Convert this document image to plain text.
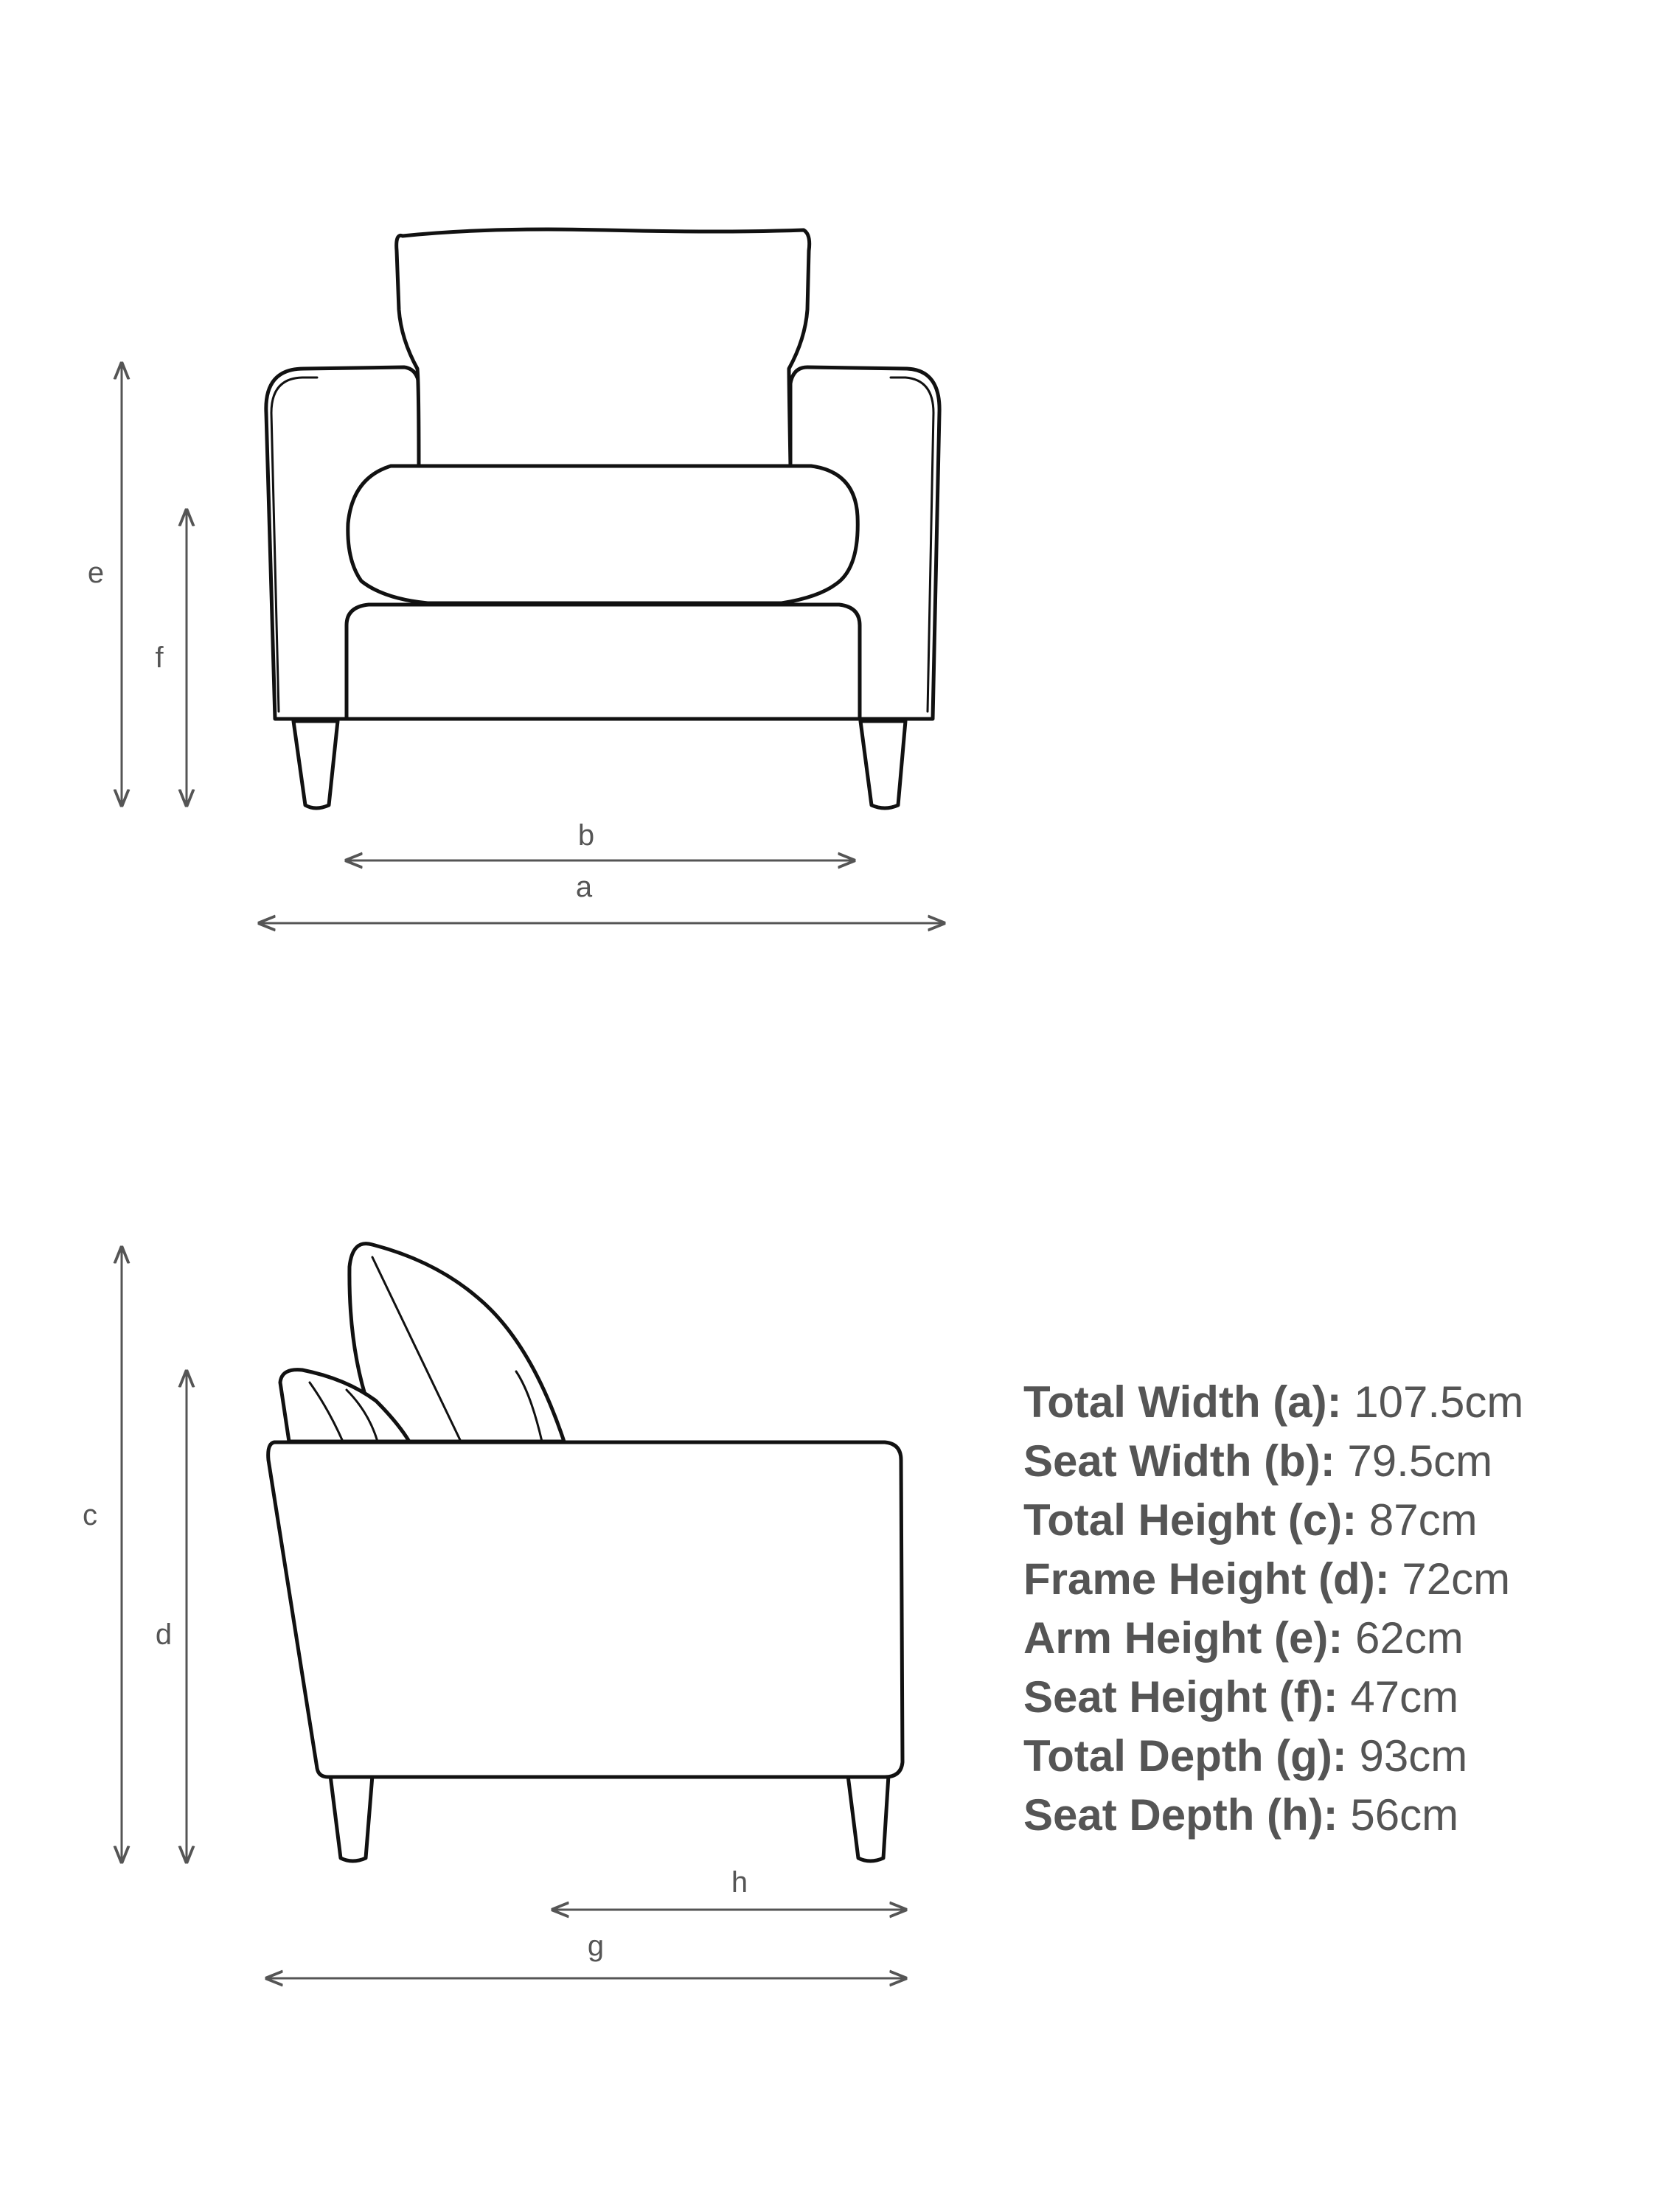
e
f
b
a
c
d
h
g
Total Width (a): 107.5cm
Seat Width (b): 79.5cm
Total Height (c): 87cm
Frame Height (d): 72cm
Arm Height (e): 62cm
Seat Height (f): 47cm
Total Depth (g): 93cm
Seat Depth (h): 56cm
